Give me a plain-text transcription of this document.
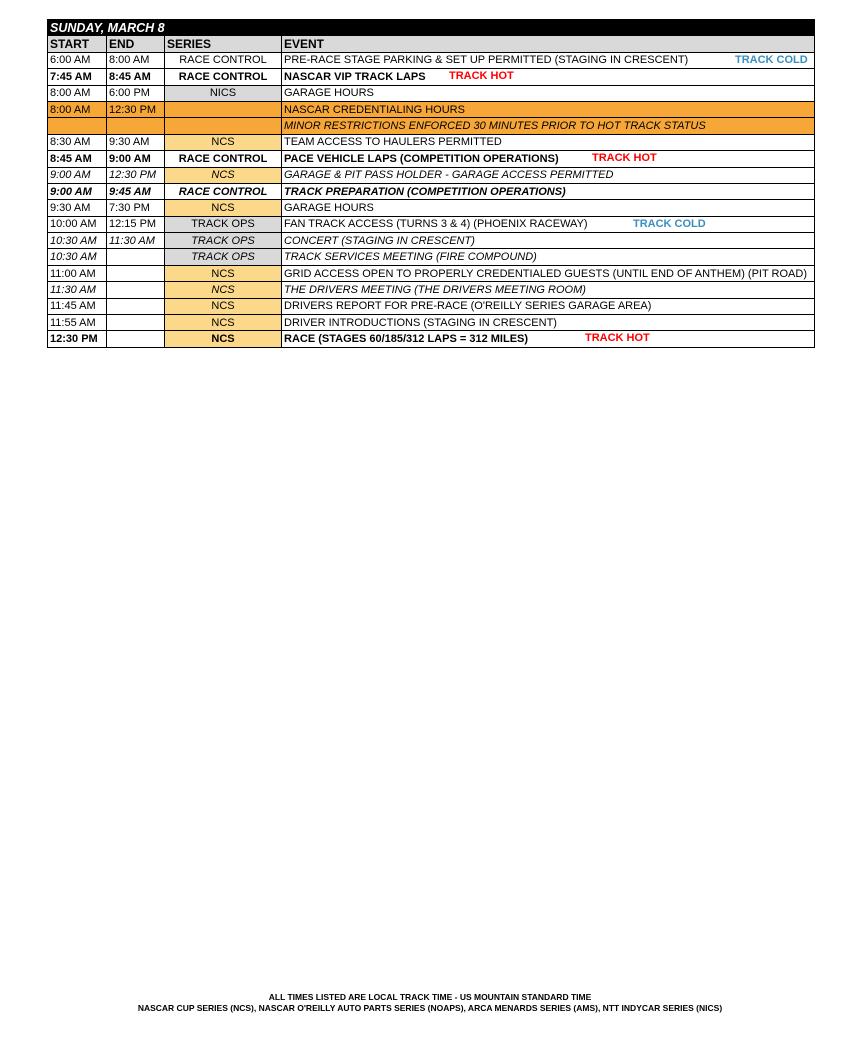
SUNDAY, MARCH 8			
START	END	SERIES	EVENT
6:00 AM	8:00 AM	RACE CONTROL	PRE-RACE STAGE PARKING & SET UP PERMITTED (STAGING IN CRESCENT) TRACK COLD

7:45 AM	8:45 AM	RACE CONTROL	NASCAR VIP TRACK LAPS TRACK HOT

8:00 AM	6:00 PM	NICS	GARAGE HOURS
8:00 AM	12:30 PM		NASCAR CREDENTIALING HOURS
			MINOR RESTRICTIONS ENFORCED 30 MINUTES PRIOR TO HOT TRACK STATUS
8:30 AM	9:30 AM	NCS	TEAM ACCESS TO HAULERS PERMITTED
8:45 AM	9:00 AM	RACE CONTROL	PACE VEHICLE LAPS (COMPETITION OPERATIONS) TRACK HOT

9:00 AM	12:30 PM	NCS	GARAGE & PIT PASS HOLDER - GARAGE ACCESS PERMITTED
9:00 AM	9:45 AM	RACE CONTROL	TRACK PREPARATION (COMPETITION OPERATIONS)
9:30 AM	7:30 PM	NCS	GARAGE HOURS
10:00 AM	12:15 PM	TRACK OPS	FAN TRACK ACCESS (TURNS 3 & 4) (PHOENIX RACEWAY) TRACK COLD

10:30 AM	11:30 AM	TRACK OPS	CONCERT (STAGING IN CRESCENT)
10:30 AM		TRACK OPS	TRACK SERVICES MEETING (FIRE COMPOUND)
11:00 AM		NCS	GRID ACCESS OPEN TO PROPERLY CREDENTIALED GUESTS (UNTIL END OF ANTHEM) (PIT ROAD)
11:30 AM		NCS	THE DRIVERS MEETING (THE DRIVERS MEETING ROOM)
11:45 AM		NCS	DRIVERS REPORT FOR PRE-RACE (O'REILLY SERIES GARAGE AREA)
11:55 AM		NCS	DRIVER INTRODUCTIONS (STAGING IN CRESCENT)
12:30 PM		NCS	RACE (STAGES 60/185/312 LAPS = 312 MILES) TRACK HOT
ALL TIMES LISTED ARE LOCAL TRACK TIME - US MOUNTAIN STANDARD TIME
NASCAR CUP SERIES (NCS), NASCAR O'REILLY AUTO PARTS SERIES (NOAPS), ARCA MENARDS SERIES (AMS), NTT INDYCAR SERIES (NICS)
